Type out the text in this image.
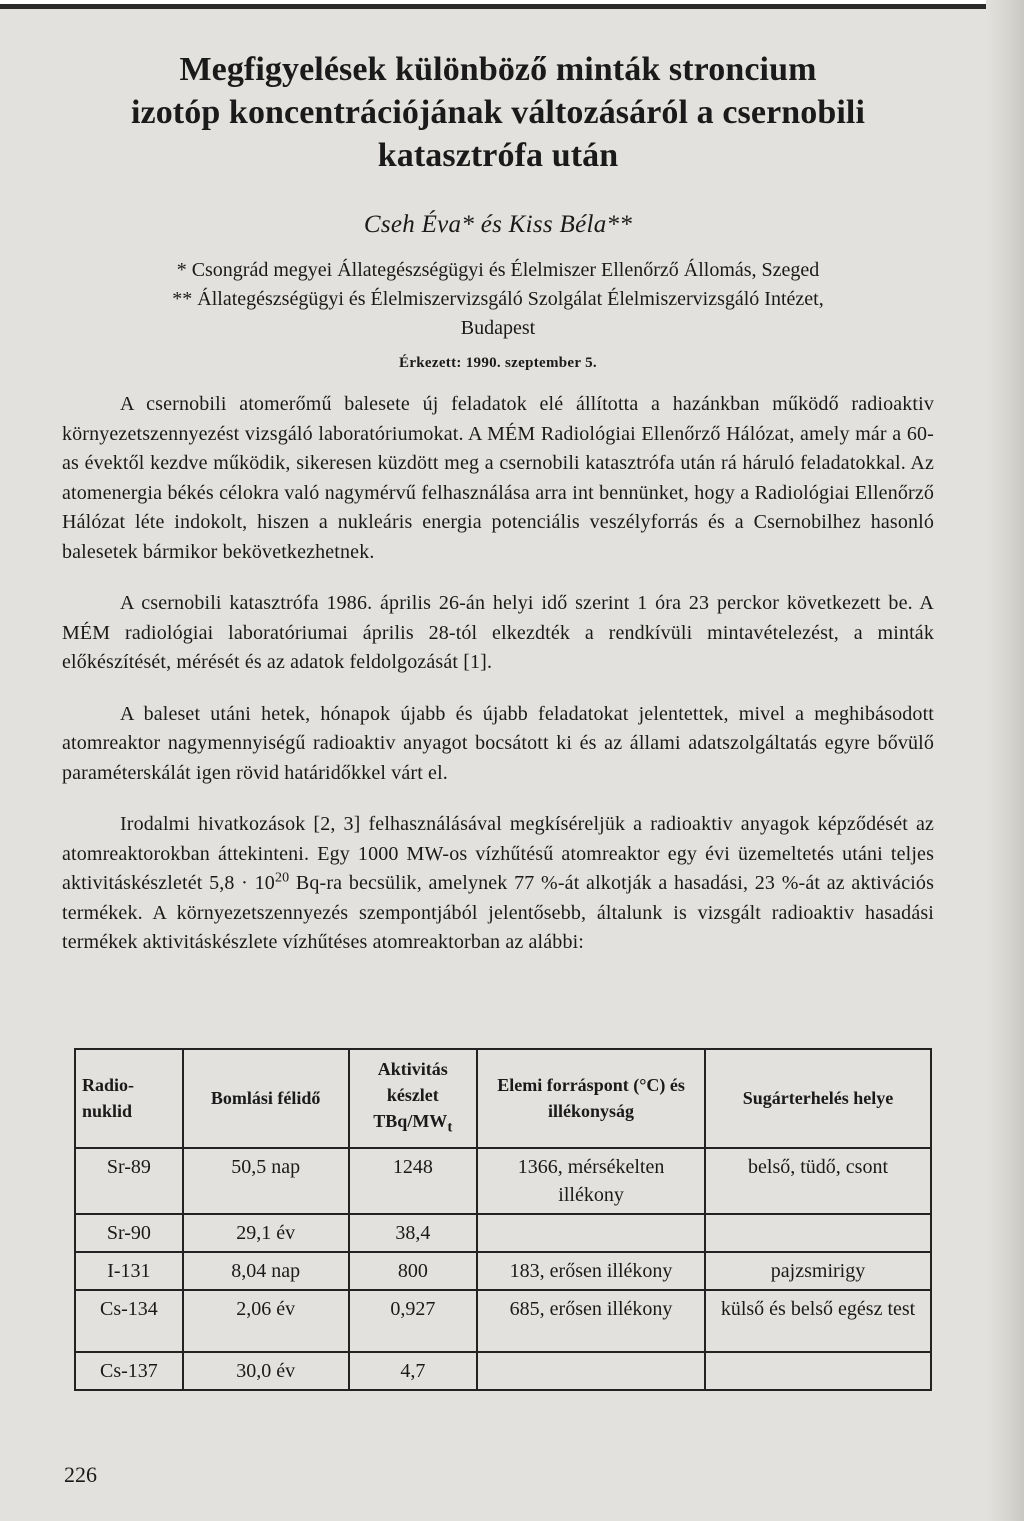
Megfigyelések különböző minták stroncium
izotóp koncentrációjának változásáról a csernobili
katasztrófa után
Cseh Éva* és Kiss Béla**
* Csongrád megyei Állategészségügyi és Élelmiszer Ellenőrző Állomás, Szeged
** Állategészségügyi és Élelmiszervizsgáló Szolgálat Élelmiszervizsgáló Intézet,
Budapest
Érkezett: 1990. szeptember 5.

A csernobili atomerőmű balesete új feladatok elé állította a hazánkban működő radioaktiv környezetszennyezést vizsgáló laboratóriumokat. A MÉM Radiológiai Ellenőrző Hálózat, amely már a 60-as évektől kezdve működik, sikeresen küzdött meg a csernobili katasztrófa után rá háruló feladatokkal. Az atomenergia békés célokra való nagymérvű felhasználása arra int bennünket, hogy a Radiológiai Ellenőrző Hálózat léte indokolt, hiszen a nukleáris energia potenciális veszélyforrás és a Csernobilhez hasonló balesetek bármikor bekövetkezhetnek.

A csernobili katasztrófa 1986. április 26-án helyi idő szerint 1 óra 23 perckor következett be. A MÉM radiológiai laboratóriumai április 28-tól elkezdték a rendkívüli mintavételezést, a minták előkészítését, mérését és az adatok feldolgozását [1].

A baleset utáni hetek, hónapok újabb és újabb feladatokat jelentettek, mivel a meghibásodott atomreaktor nagymennyiségű radioaktiv anyagot bocsátott ki és az állami adatszolgáltatás egyre bővülő paraméterskálát igen rövid határidőkkel várt el.

Irodalmi hivatkozások [2, 3] felhasználásával megkíséreljük a radioaktiv anyagok képződését az atomreaktorokban áttekinteni. Egy 1000 MW-os vízhűtésű atomreaktor egy évi üzemeltetés utáni teljes aktivitáskészletét $5,8 \cdot 10^{20}$ Bq-ra becsülik, amelynek 77 %-át alkotják a hasadási, 23 %-át az aktivációs termékek. A környezetszennyezés szempontjából jelentősebb, általunk is vizsgált radioaktiv hasadási termékek aktivitáskészlete vízhűtéses atomreaktorban az alábbi:

Radio-nuklid	Bomlási félidő	Aktivitás készlet TBq/$MW_t$	Elemi forráspont (°C) és illékonyság	Sugárterhelés helye
Sr-89	50,5 nap	1248	1366, mérsékelten illékony	belső, tüdő, csont
Sr-90	29,1 év	38,4		
I-131	8,04 nap	800	183, erősen illékony	pajzsmirigy
Cs-134	2,06 év	0,927	685, erősen illékony	külső és belső egész test
Cs-137	30,0 év	4,7		
226
